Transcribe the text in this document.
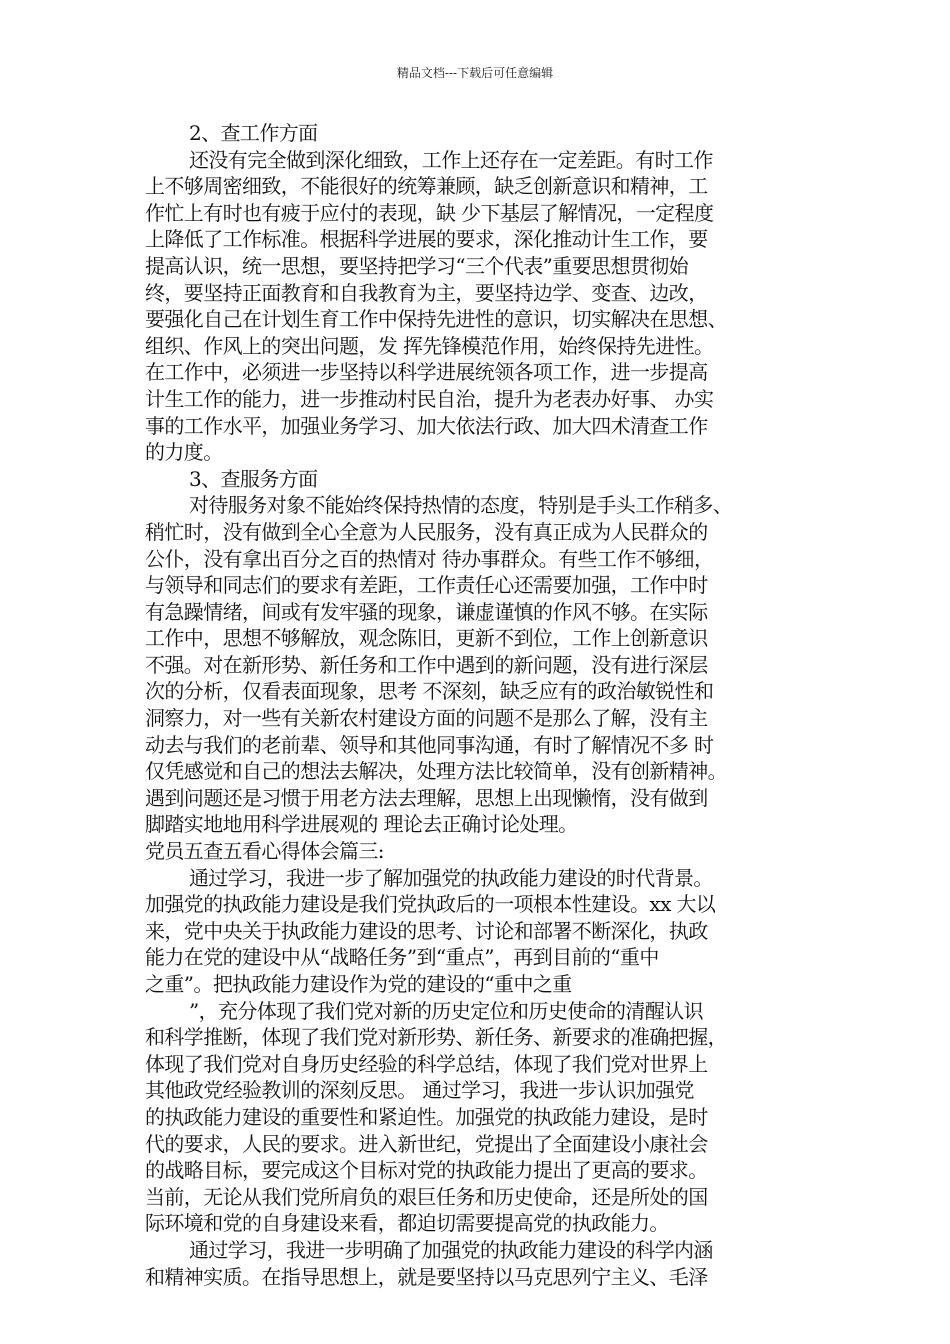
精品文档---下载后可任意编辑
2、查工作方面
还没有完全做到深化细致，工作上还存在一定差距。有时工作
上不够周密细致，不能很好的统筹兼顾，缺乏创新意识和精神，工
作忙上有时也有疲于应付的表现，缺 少下基层了解情况，一定程度
上降低了工作标准。根据科学进展的要求，深化推动计生工作，要
提高认识，统一思想，要坚持把学习“三个代表”重要思想贯彻始
终，要坚持正面教育和自我教育为主，要坚持边学、变查、边改，
要强化自己在计划生育工作中保持先进性的意识，切实解决在思想、
组织、作风上的突出问题，发 挥先锋模范作用，始终保持先进性。
在工作中，必须进一步坚持以科学进展统领各项工作，进一步提高
计生工作的能力，进一步推动村民自治，提升为老表办好事、 办实
事的工作水平，加强业务学习、加大依法行政、加大四术清查工作
的力度。
3、查服务方面
对待服务对象不能始终保持热情的态度，特别是手头工作稍多、
稍忙时，没有做到全心全意为人民服务，没有真正成为人民群众的
公仆，没有拿出百分之百的热情对 待办事群众。有些工作不够细，
与领导和同志们的要求有差距，工作责任心还需要加强，工作中时
有急躁情绪，间或有发牢骚的现象，谦虚谨慎的作风不够。在实际
工作中，思想不够解放，观念陈旧，更新不到位，工作上创新意识
不强。对在新形势、新任务和工作中遇到的新问题，没有进行深层
次的分析，仅看表面现象，思考 不深刻，缺乏应有的政治敏锐性和
洞察力，对一些有关新农村建设方面的问题不是那么了解，没有主
动去与我们的老前辈、领导和其他同事沟通，有时了解情况不多 时
仅凭感觉和自己的想法去解决，处理方法比较简单，没有创新精神。
遇到问题还是习惯于用老方法去理解，思想上出现懒惰，没有做到
脚踏实地地用科学进展观的 理论去正确讨论处理。
党员五查五看心得体会篇三:
通过学习，我进一步了解加强党的执政能力建设的时代背景。
加强党的执政能力建设是我们党执政后的一项根本性建设。xx 大以
来，党中央关于执政能力建设的思考、讨论和部署不断深化，执政
能力在党的建设中从“战略任务”到“重点”，再到目前的“重中
之重”。把执政能力建设作为党的建设的“重中之重
”，充分体现了我们党对新的历史定位和历史使命的清醒认识
和科学推断，体现了我们党对新形势、新任务、新要求的准确把握，
体现了我们党对自身历史经验的科学总结，体现了我们党对世界上
其他政党经验教训的深刻反思。 通过学习，我进一步认识加强党
的执政能力建设的重要性和紧迫性。加强党的执政能力建设，是时
代的要求，人民的要求。进入新世纪，党提出了全面建设小康社会
的战略目标，要完成这个目标对党的执政能力提出了更高的要求。
当前，无论从我们党所肩负的艰巨任务和历史使命，还是所处的国
际环境和党的自身建设来看，都迫切需要提高党的执政能力。
通过学习，我进一步明确了加强党的执政能力建设的科学内涵
和精神实质。在指导思想上，就是要坚持以马克思列宁主义、毛泽
